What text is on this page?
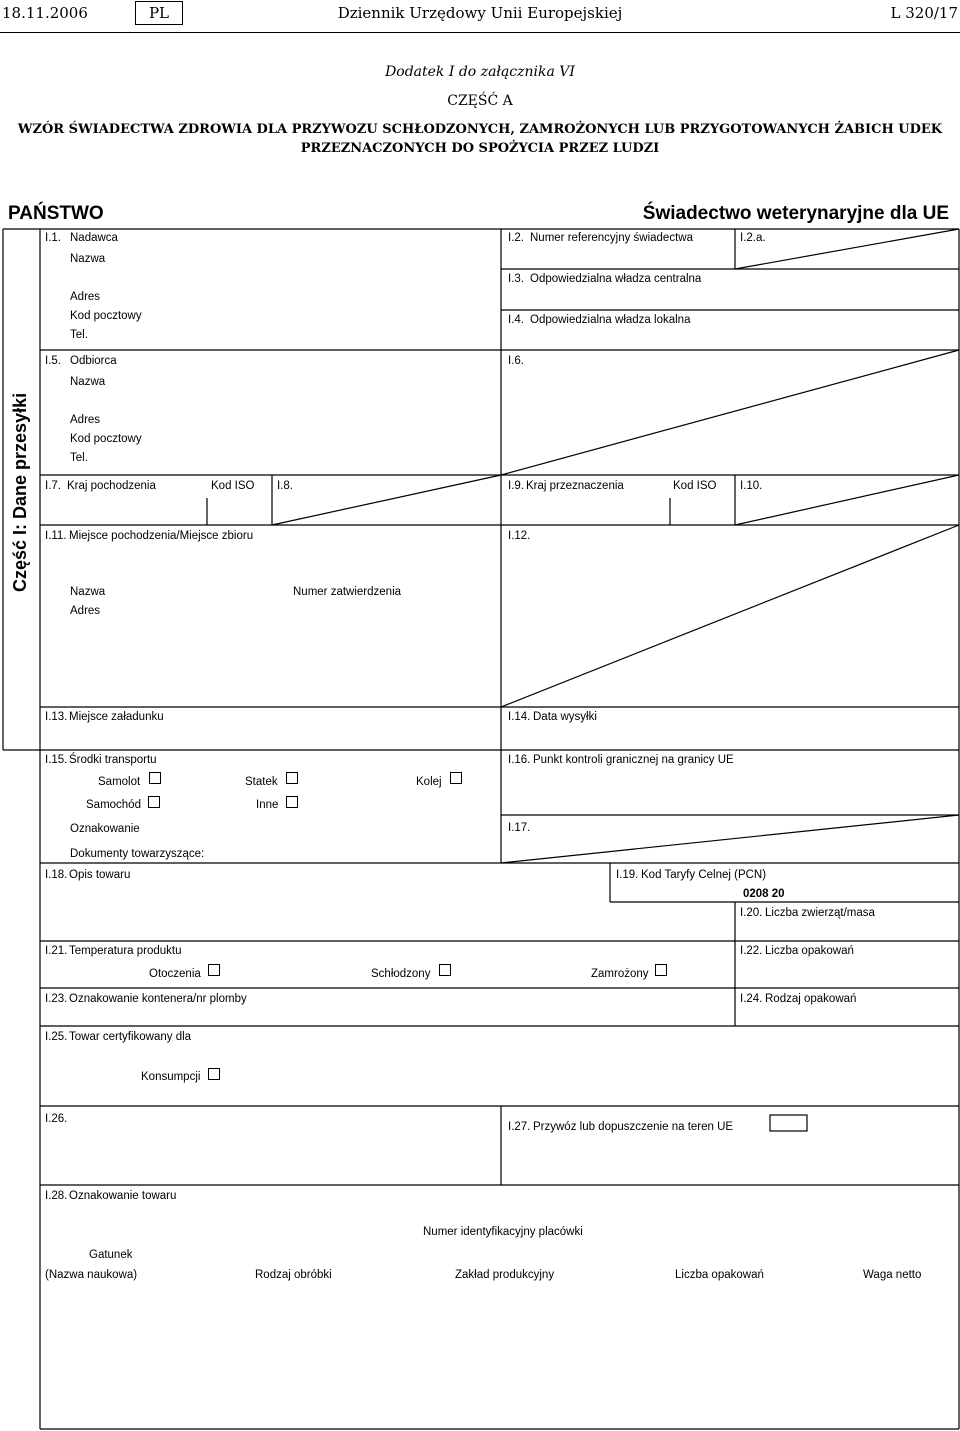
18.11.2006	PL	Dziennik Urzędowy Unii Europejskiej	L 320/17
Dodatek I do załącznika VI
CZĘŚĆ A
WZÓR ŚWIADECTWA ZDROWIA DLA PRZYWOZU SCHŁODZONYCH, ZAMROŻONYCH LUB PRZYGOTOWANYCH ŻABICH UDEK
PRZEZNACZONYCH DO SPOŻYCIA PRZEZ LUDZI
PAŃSTWO	Świadectwo weterynaryjne dla UE
Część I: Dane przesyłki
I.1. Nadawca
Nazwa
Adres
Kod pocztowy
Tel.
I.2. Numer referencyjny świadectwa	I.2.a.
I.3. Odpowiedzialna władza centralna
I.4. Odpowiedzialna władza lokalna
I.5. Odbiorca
Nazwa
Adres
Kod pocztowy
Tel.
I.6.
I.7. Kraj pochodzenia	Kod ISO I.8.	I.9. Kraj przeznaczenia	Kod ISO I.10.
I.11. Miejsce pochodzenia/Miejsce zbioru
Nazwa	Numer zatwierdzenia
Adres
I.12.
I.13. Miejsce załadunku	I.14. Data wysyłki
I.15. Środki transportu
Samolot	Statek	Kolej
Samochód	Inne
Oznakowanie
Dokumenty towarzyszące:
I.16. Punkt kontroli granicznej na granicy UE
I.17.
I.18. Opis towaru	I.19. Kod Taryfy Celnej (PCN)
0208 20
I.20. Liczba zwierząt/masa
I.21. Temperatura produktu
Otoczenia	Schłodzony	Zamrożony
I.22. Liczba opakowań
I.23. Oznakowanie kontenera/nr plomby	I.24. Rodzaj opakowań
I.25. Towar certyfikowany dla
Konsumpcji
I.26.
I.27. Przywóz lub dopuszczenie na teren UE
I.28. Oznakowanie towaru
Numer identyfikacyjny placówki
Gatunek
(Nazwa naukowa)	Rodzaj obróbki	Zakład produkcyjny	Liczba opakowań	Waga netto
